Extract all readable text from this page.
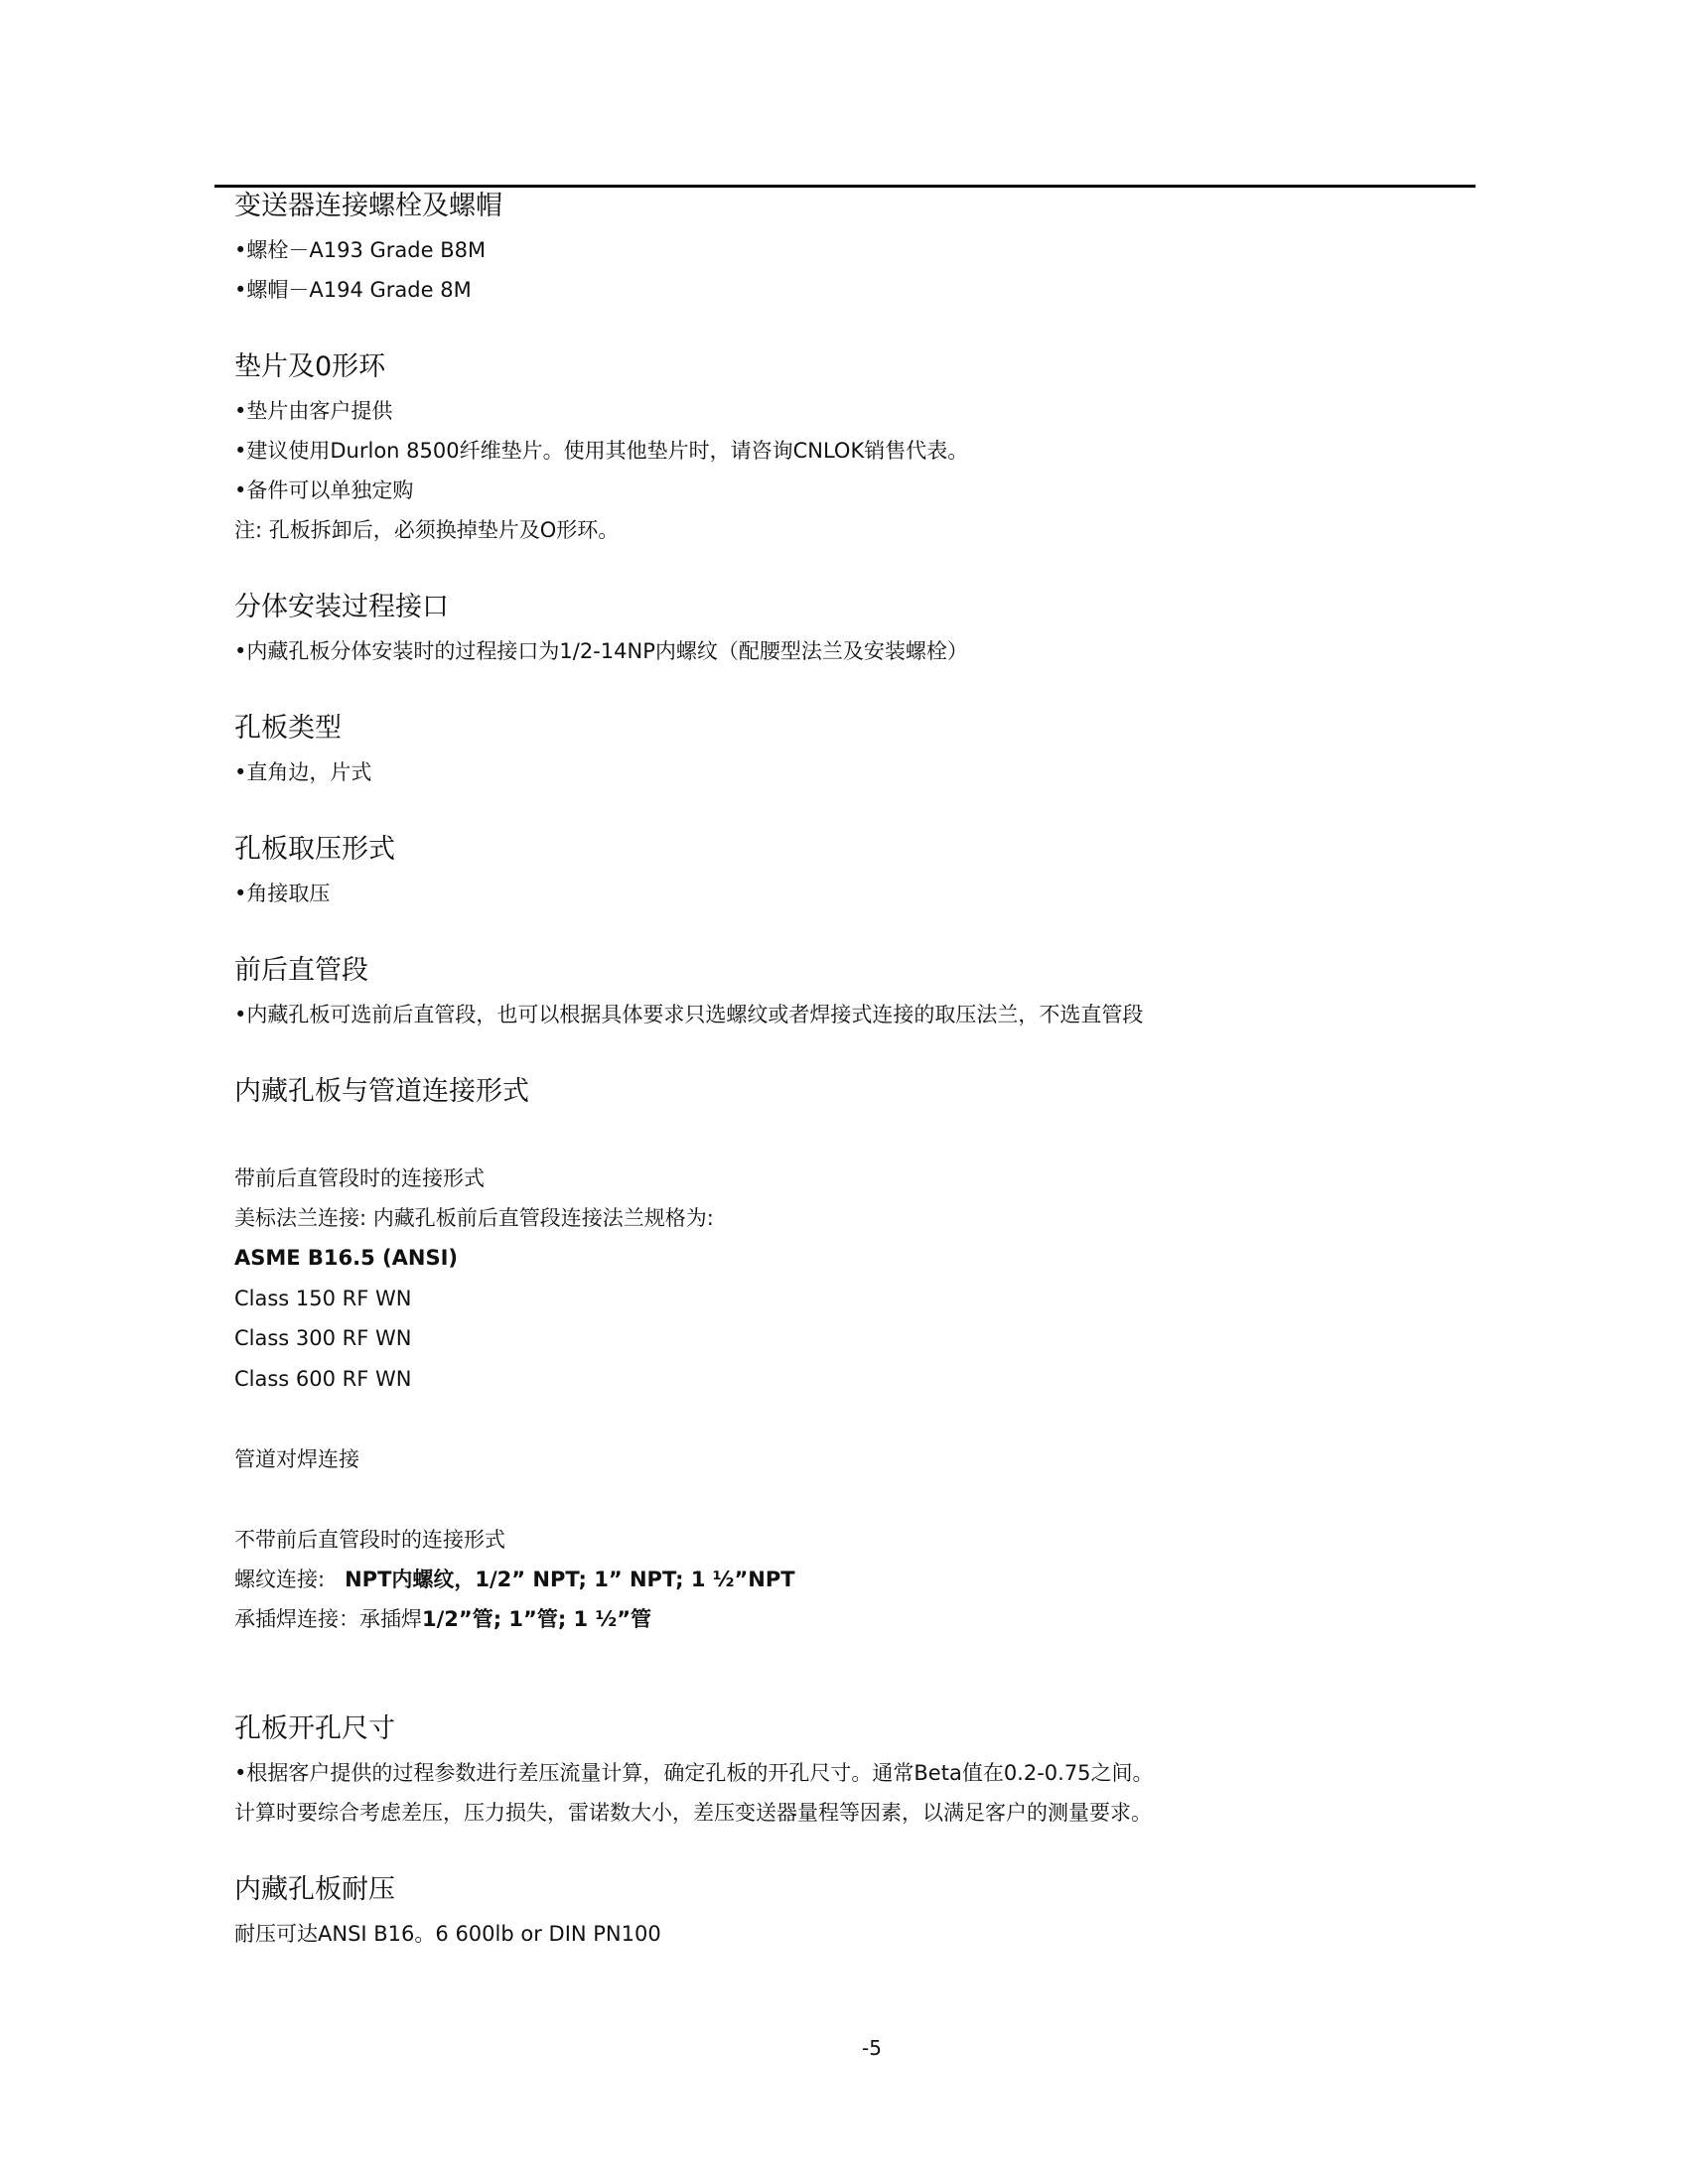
变送器连接螺栓及螺帽

•螺栓－A193 Grade B8M

•螺帽－A194 Grade 8M

垫片及0形环

•垫片由客户提供

•建议使用Durlon 8500纤维垫片。使用其他垫片时，请咨询CNLOK销售代表。

•备件可以单独定购

注: 孔板拆卸后，必须换掉垫片及O形环。

分体安装过程接口

•内藏孔板分体安装时的过程接口为1/2-14NP内螺纹（配腰型法兰及安装螺栓）

孔板类型

•直角边，片式

孔板取压形式

•角接取压

前后直管段

•内藏孔板可选前后直管段，也可以根据具体要求只选螺纹或者焊接式连接的取压法兰，不选直管段

内藏孔板与管道连接形式

带前后直管段时的连接形式

美标法兰连接: 内藏孔板前后直管段连接法兰规格为:

ASME B16.5 (ANSI)

Class 150 RF WN

Class 300 RF WN

Class 600 RF WN

管道对焊连接

不带前后直管段时的连接形式

螺纹连接: NPT内螺纹，1/2” NPT; 1” NPT; 1 ½”NPT

承插焊连接：承插焊1/2”管; 1”管; 1 ½”管

孔板开孔尺寸

•根据客户提供的过程参数进行差压流量计算，确定孔板的开孔尺寸。通常Beta值在0.2-0.75之间。

计算时要综合考虑差压，压力损失，雷诺数大小，差压变送器量程等因素，以满足客户的测量要求。

内藏孔板耐压

耐压可达ANSI B16。6 600lb or DIN PN100

-5
